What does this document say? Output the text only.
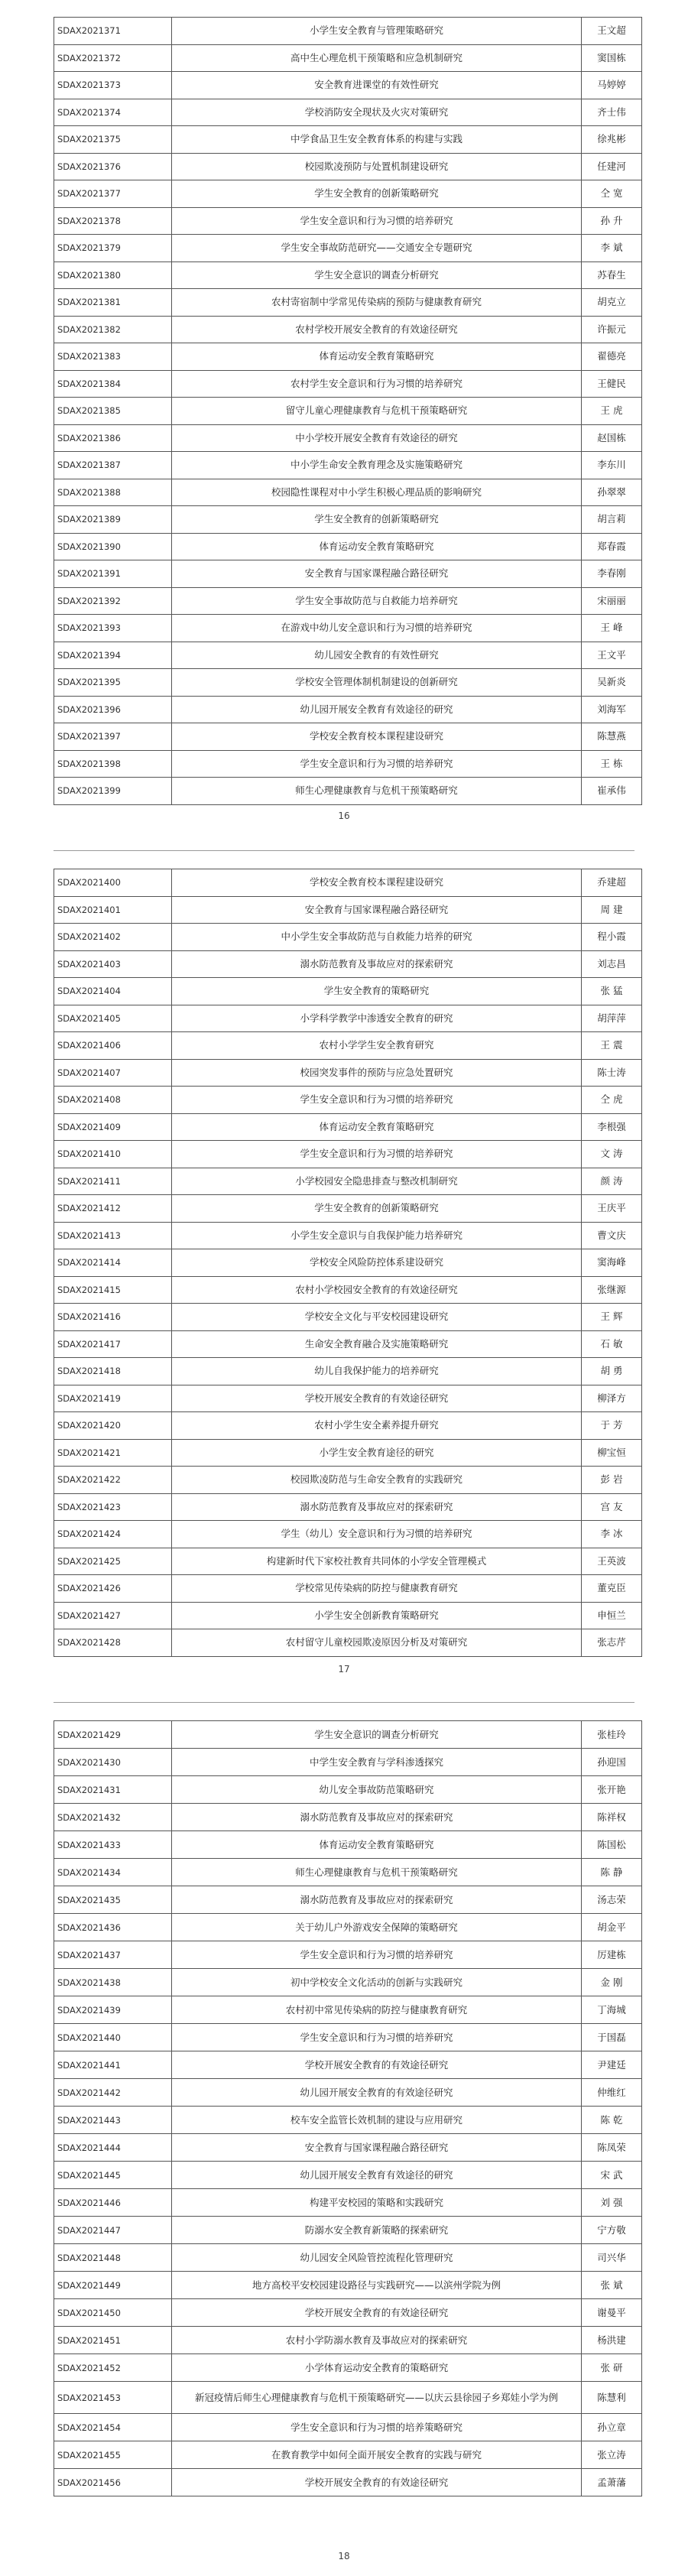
SDAX2021371	小学生安全教育与管理策略研究	王文超
SDAX2021372	高中生心理危机干预策略和应急机制研究	窦国栋
SDAX2021373	安全教育进课堂的有效性研究	马婷婷
SDAX2021374	学校消防安全现状及火灾对策研究	齐士伟
SDAX2021375	中学食品卫生安全教育体系的构建与实践	徐兆彬
SDAX2021376	校园欺凌预防与处置机制建设研究	任建河
SDAX2021377	学生安全教育的创新策略研究	仝 宽
SDAX2021378	学生安全意识和行为习惯的培养研究	孙 升
SDAX2021379	学生安全事故防范研究——交通安全专题研究	李 斌
SDAX2021380	学生安全意识的调查分析研究	苏春生
SDAX2021381	农村寄宿制中学常见传染病的预防与健康教育研究	胡克立
SDAX2021382	农村学校开展安全教育的有效途径研究	许振元
SDAX2021383	体育运动安全教育策略研究	翟德亮
SDAX2021384	农村学生安全意识和行为习惯的培养研究	王健民
SDAX2021385	留守儿童心理健康教育与危机干预策略研究	王 虎
SDAX2021386	中小学校开展安全教育有效途径的研究	赵国栋
SDAX2021387	中小学生命安全教育理念及实施策略研究	李东川
SDAX2021388	校园隐性课程对中小学生积极心理品质的影响研究	孙翠翠
SDAX2021389	学生安全教育的创新策略研究	胡言莉
SDAX2021390	体育运动安全教育策略研究	郑春霞
SDAX2021391	安全教育与国家课程融合路径研究	李春刚
SDAX2021392	学生安全事故防范与自救能力培养研究	宋丽丽
SDAX2021393	在游戏中幼儿安全意识和行为习惯的培养研究	王 峰
SDAX2021394	幼儿园安全教育的有效性研究	王文平
SDAX2021395	学校安全管理体制机制建设的创新研究	吴新炎
SDAX2021396	幼儿园开展安全教育有效途径的研究	刘海军
SDAX2021397	学校安全教育校本课程建设研究	陈慧燕
SDAX2021398	学生安全意识和行为习惯的培养研究	王 栋
SDAX2021399	师生心理健康教育与危机干预策略研究	崔承伟
16
SDAX2021400	学校安全教育校本课程建设研究	乔建超
SDAX2021401	安全教育与国家课程融合路径研究	周 建
SDAX2021402	中小学生安全事故防范与自救能力培养的研究	程小霞
SDAX2021403	溺水防范教育及事故应对的探索研究	刘志昌
SDAX2021404	学生安全教育的策略研究	张 猛
SDAX2021405	小学科学教学中渗透安全教育的研究	胡萍萍
SDAX2021406	农村小学学生安全教育研究	王 震
SDAX2021407	校园突发事件的预防与应急处置研究	陈士涛
SDAX2021408	学生安全意识和行为习惯的培养研究	仝 虎
SDAX2021409	体育运动安全教育策略研究	李根强
SDAX2021410	学生安全意识和行为习惯的培养研究	文 涛
SDAX2021411	小学校园安全隐患排查与整改机制研究	颜 涛
SDAX2021412	学生安全教育的创新策略研究	王庆平
SDAX2021413	小学生安全意识与自我保护能力培养研究	曹文庆
SDAX2021414	学校安全风险防控体系建设研究	窦海峰
SDAX2021415	农村小学校园安全教育的有效途径研究	张继源
SDAX2021416	学校安全文化与平安校园建设研究	王 辉
SDAX2021417	生命安全教育融合及实施策略研究	石 敏
SDAX2021418	幼儿自我保护能力的培养研究	胡 勇
SDAX2021419	学校开展安全教育的有效途径研究	柳泽方
SDAX2021420	农村小学生安全素养提升研究	于 芳
SDAX2021421	小学生安全教育途径的研究	柳宝恒
SDAX2021422	校园欺凌防范与生命安全教育的实践研究	彭 岩
SDAX2021423	溺水防范教育及事故应对的探索研究	宫 友
SDAX2021424	学生（幼儿）安全意识和行为习惯的培养研究	李 冰
SDAX2021425	构建新时代下家校社教育共同体的小学安全管理模式	王英波
SDAX2021426	学校常见传染病的防控与健康教育研究	董克臣
SDAX2021427	小学生安全创新教育策略研究	申恒兰
SDAX2021428	农村留守儿童校园欺凌原因分析及对策研究	张志芹
17
SDAX2021429	学生安全意识的调查分析研究	张桂玲
SDAX2021430	中学生安全教育与学科渗透探究	孙迎国
SDAX2021431	幼儿安全事故防范策略研究	张开艳
SDAX2021432	溺水防范教育及事故应对的探索研究	陈祥权
SDAX2021433	体育运动安全教育策略研究	陈国松
SDAX2021434	师生心理健康教育与危机干预策略研究	陈 静
SDAX2021435	溺水防范教育及事故应对的探索研究	汤志荣
SDAX2021436	关于幼儿户外游戏安全保障的策略研究	胡金平
SDAX2021437	学生安全意识和行为习惯的培养研究	厉建栋
SDAX2021438	初中学校安全文化活动的创新与实践研究	金 刚
SDAX2021439	农村初中常见传染病的防控与健康教育研究	丁海城
SDAX2021440	学生安全意识和行为习惯的培养研究	于国磊
SDAX2021441	学校开展安全教育的有效途径研究	尹建廷
SDAX2021442	幼儿园开展安全教育的有效途径研究	仲维红
SDAX2021443	校车安全监管长效机制的建设与应用研究	陈 乾
SDAX2021444	安全教育与国家课程融合路径研究	陈凤荣
SDAX2021445	幼儿园开展安全教育有效途径的研究	宋 武
SDAX2021446	构建平安校园的策略和实践研究	刘 强
SDAX2021447	防溺水安全教育新策略的探索研究	宁方敬
SDAX2021448	幼儿园安全风险管控流程化管理研究	司兴华
SDAX2021449	地方高校平安校园建设路径与实践研究——以滨州学院为例	张 斌
SDAX2021450	学校开展安全教育的有效途径研究	谢曼平
SDAX2021451	农村小学防溺水教育及事故应对的探索研究	杨洪建
SDAX2021452	小学体育运动安全教育的策略研究	张 研
SDAX2021453	新冠疫情后师生心理健康教育与危机干预策略研究——以庆云县徐园子乡郑娃小学为例	陈慧利
SDAX2021454	学生安全意识和行为习惯的培养策略研究	孙立章
SDAX2021455	在教育教学中如何全面开展安全教育的实践与研究	张立涛
SDAX2021456	学校开展安全教育的有效途径研究	孟萧藩
18
